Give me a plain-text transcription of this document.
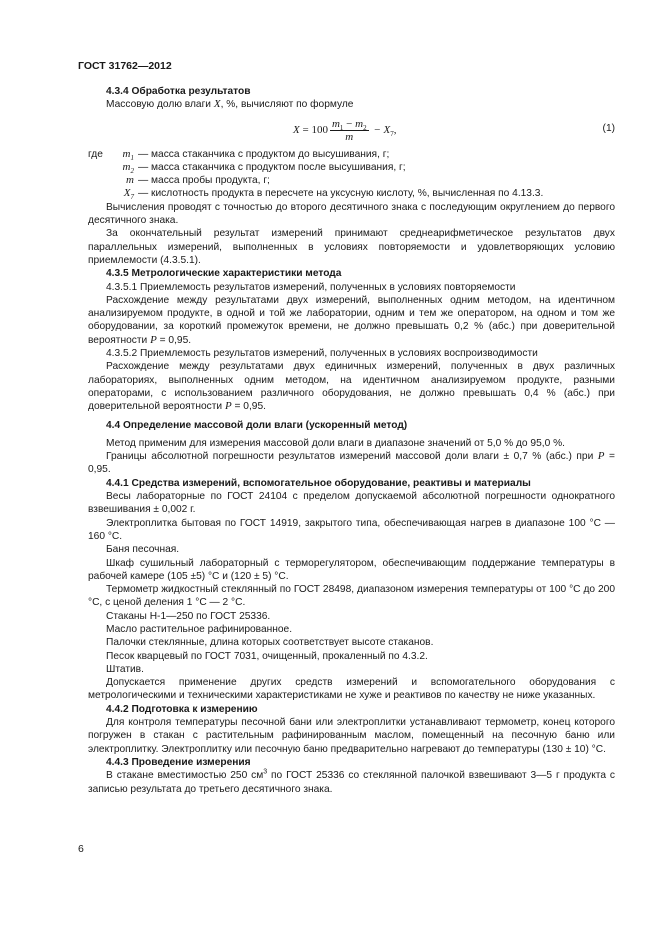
ГОСТ 31762—2012

4.3.4 Обработка результатов

Массовую долю влаги X, %, вычисляют по формуле

$X = 100 \frac{m_1 - m_2}{m} - X_7$,	(1)
где	$m_1$ — масса стаканчика с продуктом до высушивания, г;
$m_2$ — масса стаканчика с продуктом после высушивания, г;
m — масса пробы продукта, г;
$X_7$ — кислотность продукта в пересчете на уксусную кислоту, %, вычисленная по 4.13.3.

Вычисления проводят с точностью до второго десятичного знака с последующим округлением до первого десятичного знака.

За окончательный результат измерений принимают среднеарифметическое результатов двух параллельных измерений, выполненных в условиях повторяемости и удовлетворяющих условию приемлемости (4.3.5.1).

4.3.5 Метрологические характеристики метода

4.3.5.1 Приемлемость результатов измерений, полученных в условиях повторяемости

Расхождение между результатами двух измерений, выполненных одним методом, на идентичном анализируемом продукте, в одной и той же лаборатории, одним и тем же оператором, на одном и том же оборудовании, за короткий промежуток времени, не должно превышать 0,2 % (абс.) при доверительной вероятности P = 0,95.

4.3.5.2 Приемлемость результатов измерений, полученных в условиях воспроизводимости

Расхождение между результатами двух единичных измерений, полученных в двух различных лабораториях, выполненных одним методом, на идентичном анализируемом продукте, разными операторами, с использованием различного оборудования, не должно превышать 0,4 % (абс.) при доверительной вероятности P = 0,95.

4.4 Определение массовой доли влаги (ускоренный метод)

Метод применим для измерения массовой доли влаги в диапазоне значений от 5,0 % до 95,0 %.

Границы абсолютной погрешности результатов измерений массовой доли влаги ± 0,7 % (абс.) при P = 0,95.

4.4.1 Средства измерений, вспомогательное оборудование, реактивы и материалы

Весы лабораторные по ГОСТ 24104 с пределом допускаемой абсолютной погрешности однократного взвешивания ± 0,002 г.

Электроплитка бытовая по ГОСТ 14919, закрытого типа, обеспечивающая нагрев в диапазоне 100 °С — 160 °С.

Баня песочная.

Шкаф сушильный лабораторный с терморегулятором, обеспечивающим поддержание температуры в рабочей камере (105 ±5) °С и (120 ± 5) °С.

Термометр жидкостный стеклянный по ГОСТ 28498, диапазоном измерения температуры от 100 °С до 200 °С, с ценой деления 1 °С — 2 °С.

Стаканы Н-1—250 по ГОСТ 25336.

Масло растительное рафинированное.

Палочки стеклянные, длина которых соответствует высоте стаканов.

Песок кварцевый по ГОСТ 7031, очищенный, прокаленный по 4.3.2.

Штатив.

Допускается применение других средств измерений и вспомогательного оборудования с метрологическими и техническими характеристиками не хуже и реактивов по качеству не ниже указанных.

4.4.2 Подготовка к измерению

Для контроля температуры песочной бани или электроплитки устанавливают термометр, конец которого погружен в стакан с растительным рафинированным маслом, помещенный на песочную баню или электроплитку. Электроплитку или песочную баню предварительно нагревают до температуры (130 ± 10) °С.

4.4.3 Проведение измерения

В стакане вместимостью 250 $см^3$ по ГОСТ 25336 со стеклянной палочкой взвешивают 3—5 г продукта с записью результата до третьего десятичного знака.

6
